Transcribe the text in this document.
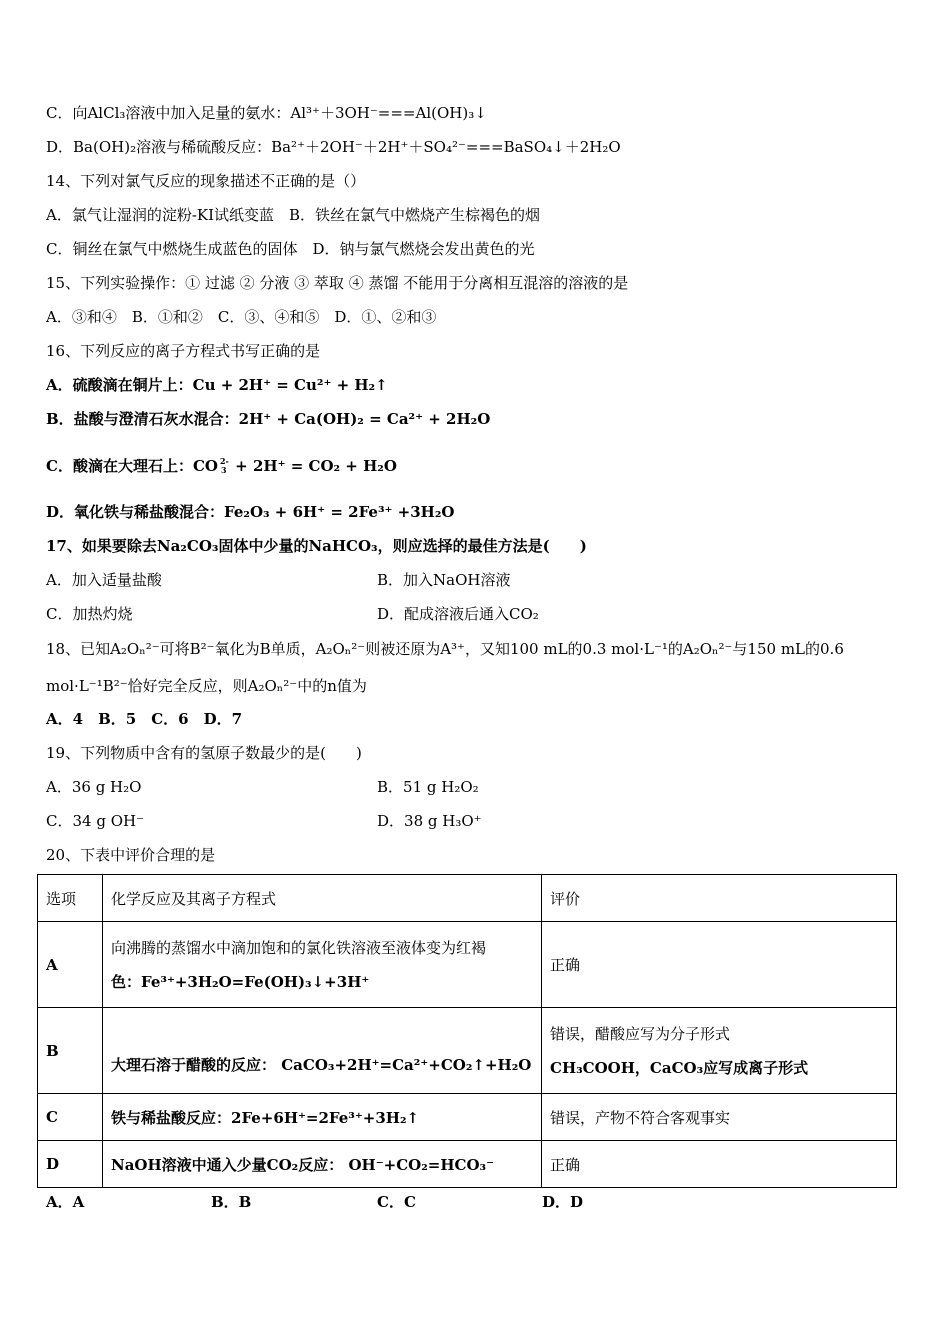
C．向AlCl₃溶液中加入足量的氨水：Al³⁺＋3OH⁻===Al(OH)₃↓
D．Ba(OH)₂溶液与稀硫酸反应：Ba²⁺＋2OH⁻＋2H⁺＋SO₄²⁻===BaSO₄↓＋2H₂O
14、下列对氯气反应的现象描述不正确的是（）
A．氯气让湿润的淀粉-KI试纸变蓝　B．铁丝在氯气中燃烧产生棕褐色的烟
C．铜丝在氯气中燃烧生成蓝色的固体　D．钠与氯气燃烧会发出黄色的光
15、下列实验操作：① 过滤 ② 分液 ③ 萃取 ④ 蒸馏 不能用于分离相互混溶的溶液的是
A．③和④　B．①和②　C．③、④和⑤　D．①、②和③
16、下列反应的离子方程式书写正确的是
A．硫酸滴在铜片上：Cu + 2H⁺ = Cu²⁺ + H₂↑
B．盐酸与澄清石灰水混合：2H⁺ + Ca(OH)₂ = Ca²⁺ + 2H₂O
C．酸滴在大理石上：CO 2-
3 + 2H⁺ = CO₂ + H₂O
D．氧化铁与稀盐酸混合：Fe₂O₃ + 6H⁺ = 2Fe³⁺ +3H₂O
17、如果要除去Na₂CO₃固体中少量的NaHCO₃，则应选择的最佳方法是(　　)
A．加入适量盐酸	B．加入NaOH溶液
C．加热灼烧	D．配成溶液后通入CO₂
18、已知A₂Oₙ²⁻可将B²⁻氧化为B单质，A₂Oₙ²⁻则被还原为A³⁺，又知100 mL的0.3 mol·L⁻¹的A₂Oₙ²⁻与150 mL的0.6
mol·L⁻¹B²⁻恰好完全反应，则A₂Oₙ²⁻中的n值为
A．4　B．5　C．6　D．7
19、下列物质中含有的氢原子数最少的是(　　)
A．36 g H₂O	B．51 g H₂O₂
C．34 g OH⁻	D．38 g H₃O⁺
20、下表中评价合理的是
选项	化学反应及其离子方程式	评价
A	向沸腾的蒸馏水中滴加饱和的氯化铁溶液至液体变为红褐
色：Fe³⁺+3H₂O=Fe(OH)₃↓+3H⁺	正确
B	大理石溶于醋酸的反应： CaCO₃+2H⁺=Ca²⁺+CO₂↑+H₂O	错误，醋酸应写为分子形式
CH₃COOH，CaCO₃应写成离子形式

C	铁与稀盐酸反应：2Fe+6H⁺=2Fe³⁺+3H₂↑	错误，产物不符合客观事实
D	NaOH溶液中通入少量CO₂反应： OH⁻+CO₂=HCO₃⁻	正确
A．A	B．B	C．C	D．D
